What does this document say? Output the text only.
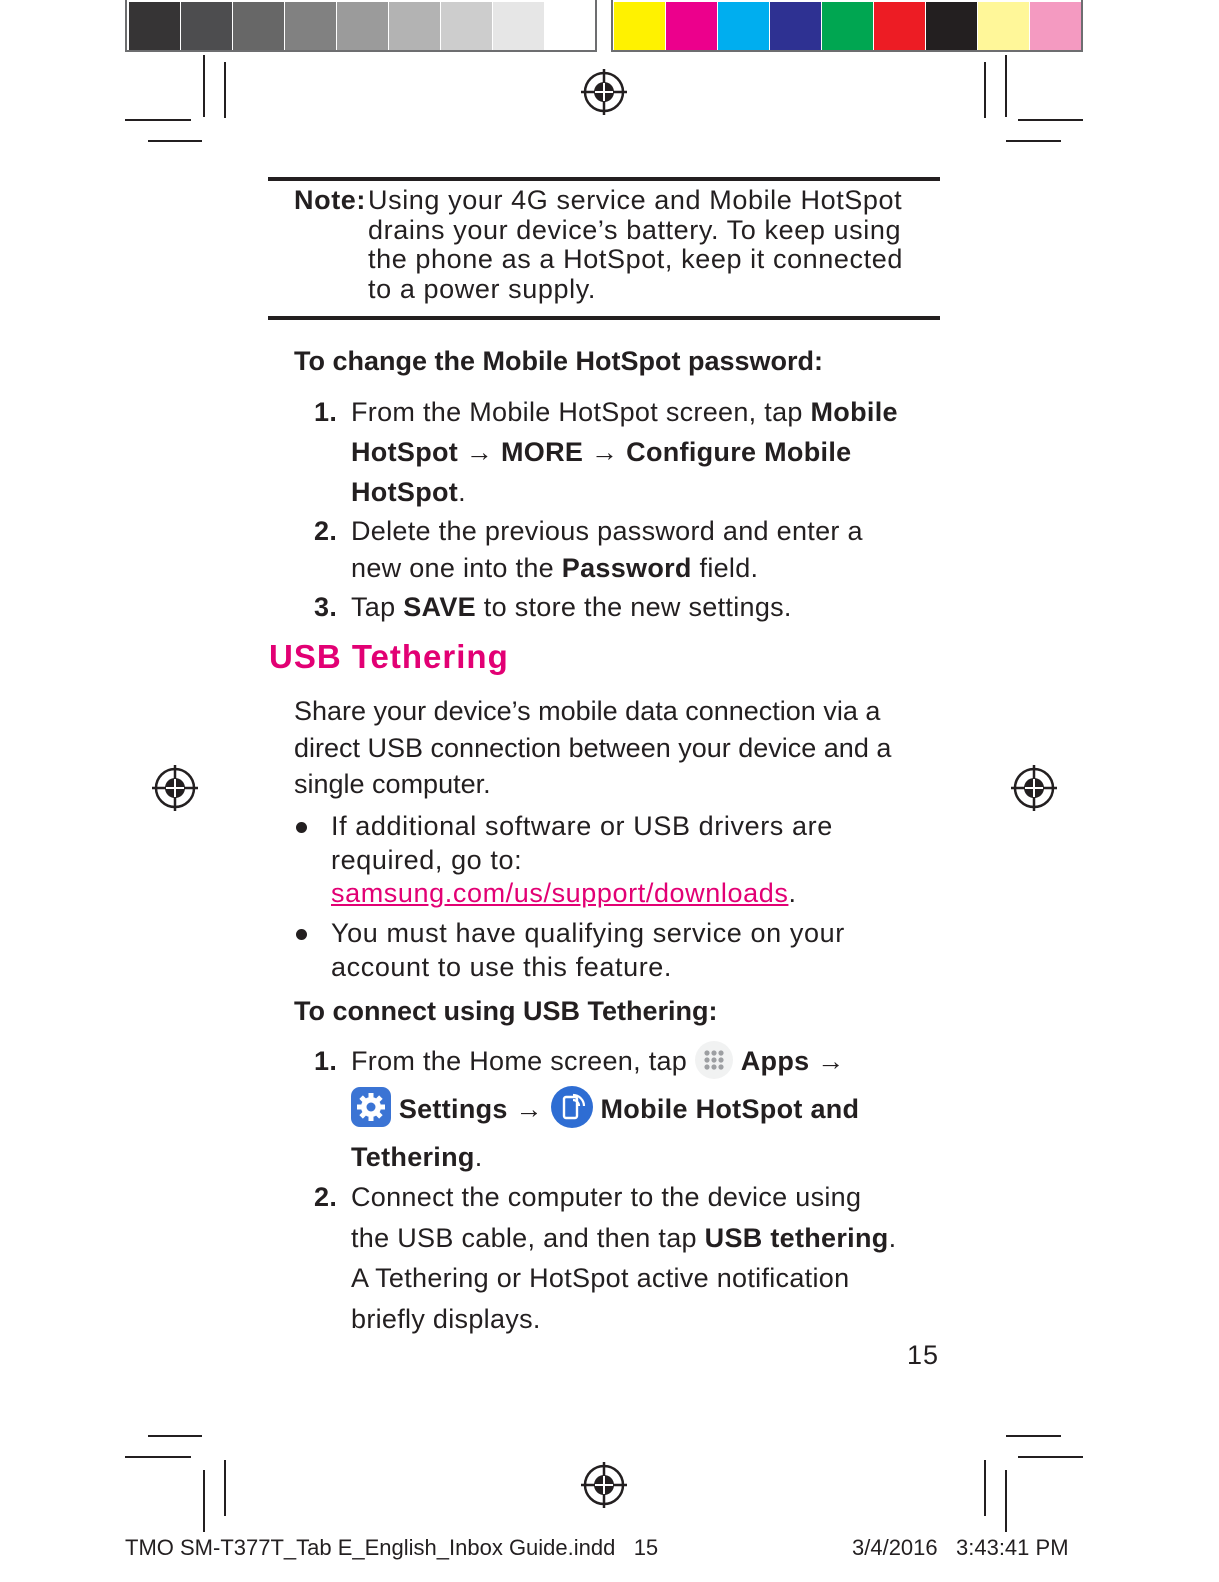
Note: Using your 4G service and Mobile HotSpot
drains your device’s battery. To keep using
the phone as a HotSpot, keep it connected
to a power supply.
To change the Mobile HotSpot password:
1. From the Mobile HotSpot screen, tap Mobile
HotSpot → MORE → Configure Mobile
HotSpot.
2. Delete the previous password and enter a
new one into the Password field.
3. Tap SAVE to store the new settings.
USB Tethering
Share your device’s mobile data connection via a
direct USB connection between your device and a
single computer.
If additional software or USB drivers are
required, go to:
samsung.com/us/support/downloads.
You must have qualifying service on your
account to use this feature.
To connect using USB Tethering:
1. From the Home screen, tap  Apps →
Settings → Mobile HotSpot and
Tethering.
2. Connect the computer to the device using
the USB cable, and then tap USB tethering.
A Tethering or HotSpot active notification
briefly displays.
15
TMO SM-T377T_Tab E_English_Inbox Guide.indd   15	3/4/2016 3:43:41 PM
